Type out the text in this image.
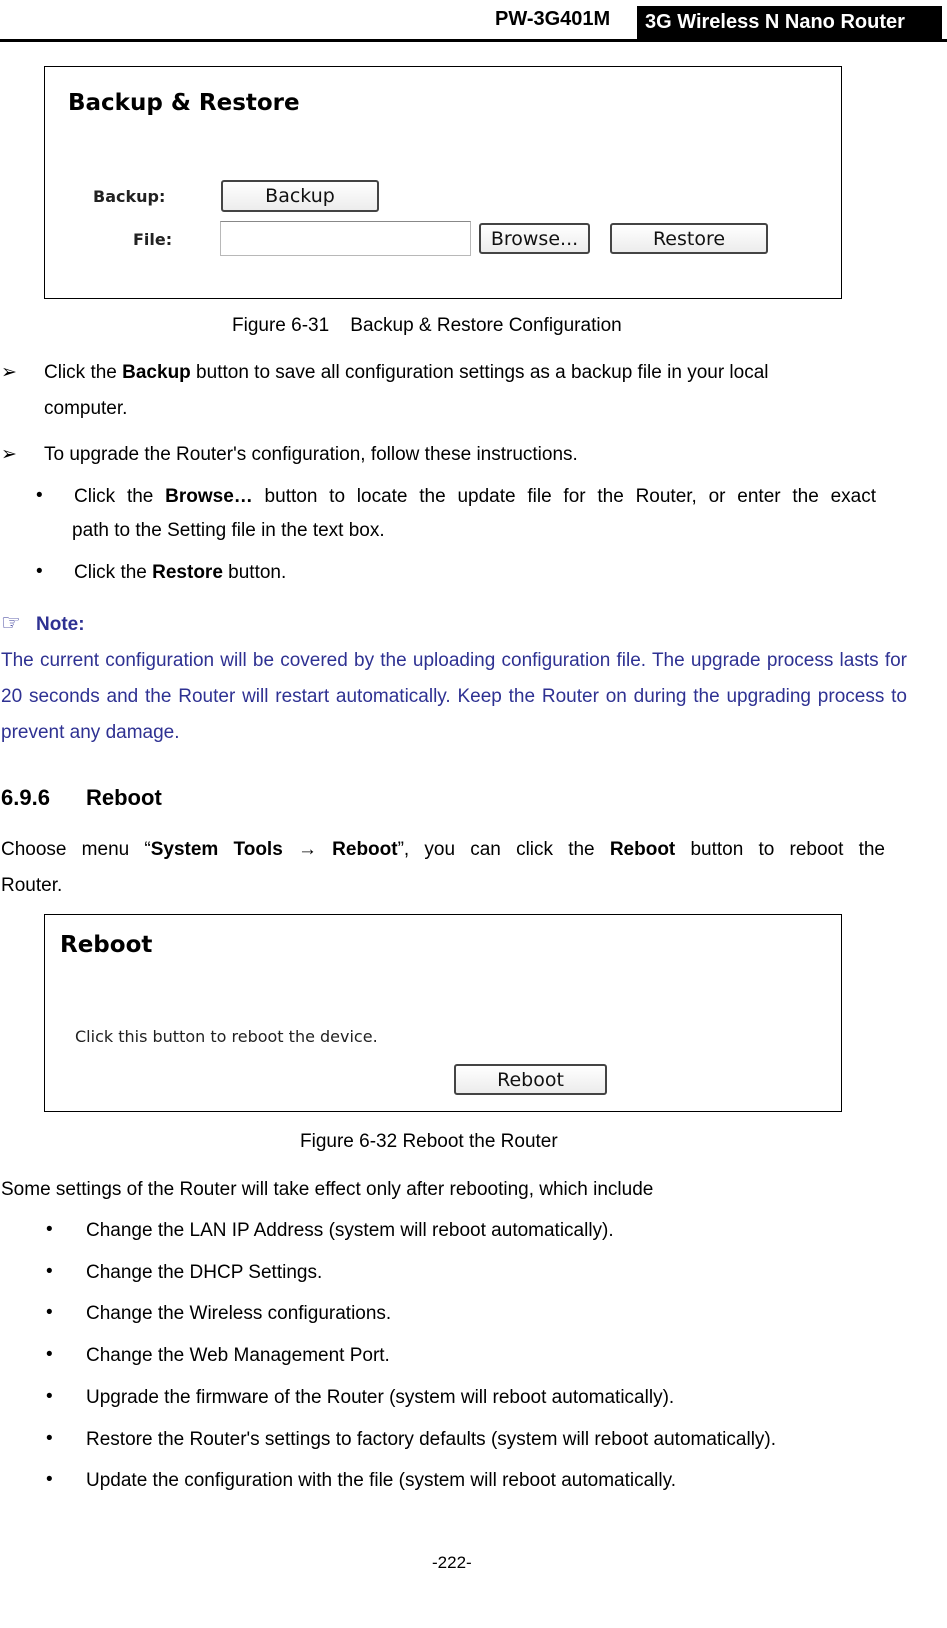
PW-3G401M	3G Wireless N Nano Router
Backup & Restore
Backup:
File:
Backup
Browse...	Restore
Figure 6-31    Backup & Restore Configuration
➢ Click the Backup button to save all configuration settings as a backup file in your local
computer.
➢ To upgrade the Router's configuration, follow these instructions.
• Click the Browse… button to locate the update file for the Router, or enter the exact
path to the Setting file in the text box.
• Click the Restore button.
☞ Note:
The current configuration will be covered by the uploading configuration file. The upgrade process lasts for 20 seconds and the Router will restart automatically. Keep the Router on during the upgrading process to prevent any damage.
6.9.6 Reboot
Choose menu “System Tools → Reboot”, you can click the Reboot button to reboot the
Router.
Reboot
Click this button to reboot the device.
Reboot
Figure 6-32 Reboot the Router
Some settings of the Router will take effect only after rebooting, which include
• Change the LAN IP Address (system will reboot automatically).
• Change the DHCP Settings.
• Change the Wireless configurations.
• Change the Web Management Port.
• Upgrade the firmware of the Router (system will reboot automatically).
• Restore the Router's settings to factory defaults (system will reboot automatically).
• Update the configuration with the file (system will reboot automatically.
-222-
